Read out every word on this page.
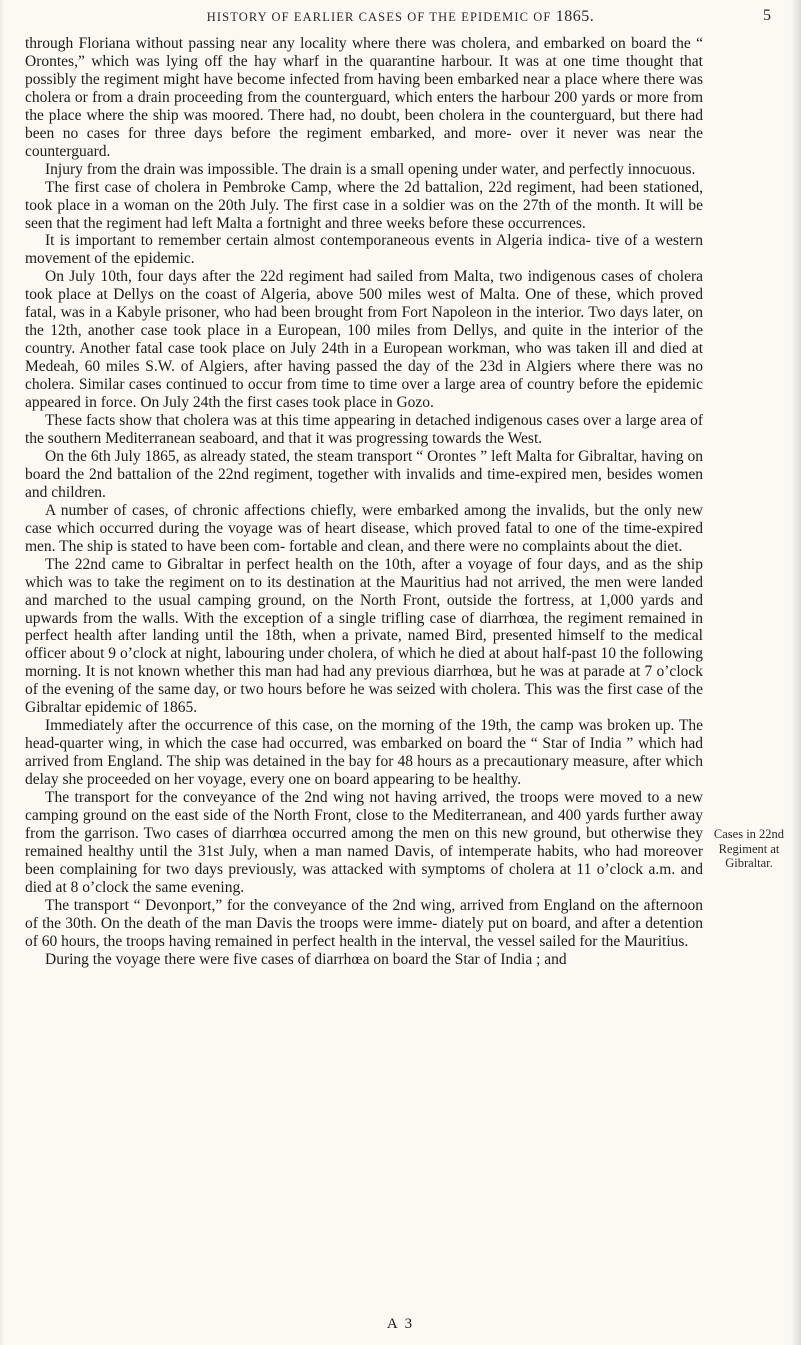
HISTORY OF EARLIER CASES OF THE EPIDEMIC OF 1865.	5

through Floriana without passing near any locality where there was cholera, and embarked on board the “ Orontes,” which was lying off the hay wharf in the quarantine harbour. It was at one time thought that possibly the regiment might have become infected from having been embarked near a place where there was cholera or from a drain proceeding from the counterguard, which enters the harbour 200 yards or more from the place where the ship was moored. There had, no doubt, been cholera in the counterguard, but there had been no cases for three days before the regiment embarked, and more- over it never was near the counterguard.

Injury from the drain was impossible. The drain is a small opening under water, and perfectly innocuous.

The first case of cholera in Pembroke Camp, where the 2d battalion, 22d regiment, had been stationed, took place in a woman on the 20th July. The first case in a soldier was on the 27th of the month. It will be seen that the regiment had left Malta a fortnight and three weeks before these occurrences.

It is important to remember certain almost contemporaneous events in Algeria indica- tive of a western movement of the epidemic.

On July 10th, four days after the 22d regiment had sailed from Malta, two indigenous cases of cholera took place at Dellys on the coast of Algeria, above 500 miles west of Malta. One of these, which proved fatal, was in a Kabyle prisoner, who had been brought from Fort Napoleon in the interior. Two days later, on the 12th, another case took place in a European, 100 miles from Dellys, and quite in the interior of the country. Another fatal case took place on July 24th in a European workman, who was taken ill and died at Medeah, 60 miles S.W. of Algiers, after having passed the day of the 23d in Algiers where there was no cholera. Similar cases continued to occur from time to time over a large area of country before the epidemic appeared in force. On July 24th the first cases took place in Gozo.

These facts show that cholera was at this time appearing in detached indigenous cases over a large area of the southern Mediterranean seaboard, and that it was progressing towards the West.

On the 6th July 1865, as already stated, the steam transport “ Orontes ” left Malta for Gibraltar, having on board the 2nd battalion of the 22nd regiment, together with invalids and time-expired men, besides women and children.

A number of cases, of chronic affections chiefly, were embarked among the invalids, but the only new case which occurred during the voyage was of heart disease, which proved fatal to one of the time-expired men. The ship is stated to have been com- fortable and clean, and there were no complaints about the diet.

The 22nd came to Gibraltar in perfect health on the 10th, after a voyage of four days, and as the ship which was to take the regiment on to its destination at the Mauritius had not arrived, the men were landed and marched to the usual camping ground, on the North Front, outside the fortress, at 1,000 yards and upwards from the walls. With the exception of a single trifling case of diarrhœa, the regiment remained in perfect health after landing until the 18th, when a private, named Bird, presented himself to the medical officer about 9 o’clock at night, labouring under cholera, of which he died at about half-past 10 the following morning. It is not known whether this man had had any previous diarrhœa, but he was at parade at 7 o’clock of the evening of the same day, or two hours before he was seized with cholera. This was the first case of the Gibraltar epidemic of 1865.

Immediately after the occurrence of this case, on the morning of the 19th, the camp was broken up. The head-quarter wing, in which the case had occurred, was embarked on board the “ Star of India ” which had arrived from England. The ship was detained in the bay for 48 hours as a precautionary measure, after which delay she proceeded on her voyage, every one on board appearing to be healthy.

The transport for the conveyance of the 2nd wing not having arrived, the troops were moved to a new camping ground on the east side of the North Front, close to the Mediterranean, and 400 yards further away from the garrison. Two cases of diarrhœa occurred among the men on this new ground, but otherwise they remained healthy until the 31st July, when a man named Davis, of intemperate habits, who had moreover been complaining for two days previously, was attacked with symptoms of cholera at 11 o’clock a.m. and died at 8 o’clock the same evening.

The transport “ Devonport,” for the conveyance of the 2nd wing, arrived from England on the afternoon of the 30th. On the death of the man Davis the troops were imme- diately put on board, and after a detention of 60 hours, the troops having remained in perfect health in the interval, the vessel sailed for the Mauritius.

During the voyage there were five cases of diarrhœa on board the Star of India ; and

Cases in 22nd Regiment at Gibraltar.
A 3
